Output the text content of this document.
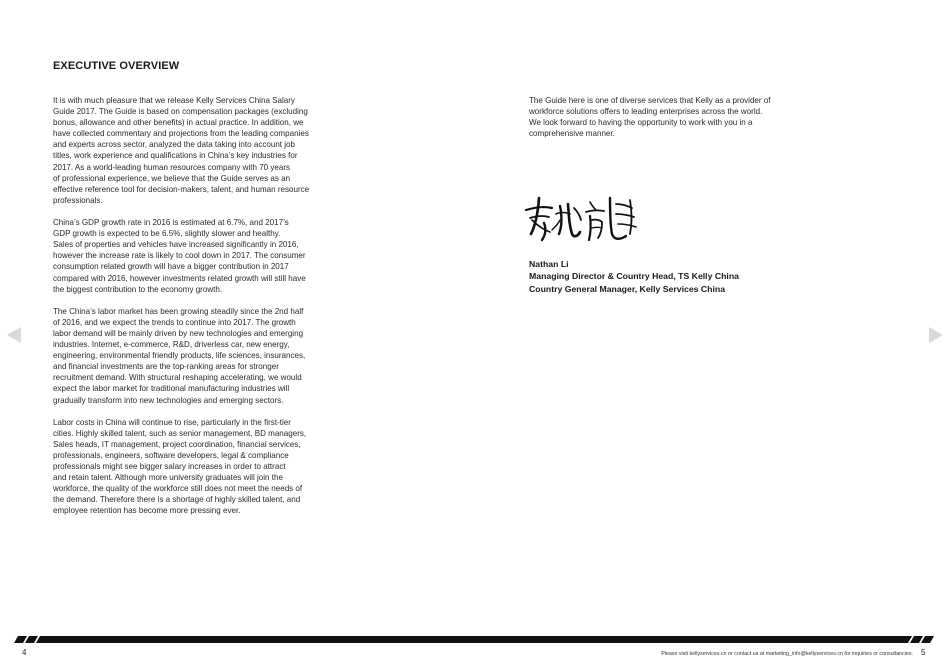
EXECUTIVE OVERVIEW
It is with much pleasure that we release Kelly Services China Salary
Guide 2017. The Guide is based on compensation packages (excluding
bonus, allowance and other benefits) in actual practice. In addition, we
have collected commentary and projections from the leading companies
and experts across sector, analyzed the data taking into account job
titles, work experience and qualifications in China’s key industries for
2017. As a world-leading human resources company with 70 years
of professional experience, we believe that the Guide serves as an
effective reference tool for decision-makers, talent, and human resource
professionals.
China’s GDP growth rate in 2016 is estimated at 6.7%, and 2017’s
GDP growth is expected to be 6.5%, slightly slower and healthy.
Sales of properties and vehicles have increased significantly in 2016,
however the increase rate is likely to cool down in 2017. The consumer
consumption related growth will have a bigger contribution in 2017
compared with 2016, however investments related growth will still have
the biggest contribution to the economy growth.
The China’s labor market has been growing steadily since the 2nd half
of 2016, and we expect the trends to continue into 2017. The growth
labor demand will be mainly driven by new technologies and emerging
industries. Internet, e-commerce, R&D, driverless car, new energy,
engineering, environmental friendly products, life sciences, insurances,
and financial investments are the top-ranking areas for stronger
recruitment demand. With structural reshaping accelerating, we would
expect the labor market for traditional manufacturing industries will
gradually transform into new technologies and emerging sectors.
Labor costs in China will continue to rise, particularly in the first-tier
cities. Highly skilled talent, such as senior management, BD managers,
Sales heads, IT management, project coordination, financial services,
professionals, engineers, software developers, legal & compliance
professionals might see bigger salary increases in order to attract
and retain talent. Although more university graduates will join the
workforce, the quality of the workforce still does not meet the needs of
the demand. Therefore there is a shortage of highly skilled talent, and
employee retention has become more pressing ever.
The Guide here is one of diverse services that Kelly as a provider of
workforce solutions offers to leading enterprises across the world.
We look forward to having the opportunity to work with you in a
comprehensive manner.
Nathan Li
Managing Director & Country Head, TS Kelly China
Country General Manager, Kelly Services China
4	Please visit kellyservices.cn or contact us at marketing_info@kellyservices.cn for inquiries or consultancies. 5
